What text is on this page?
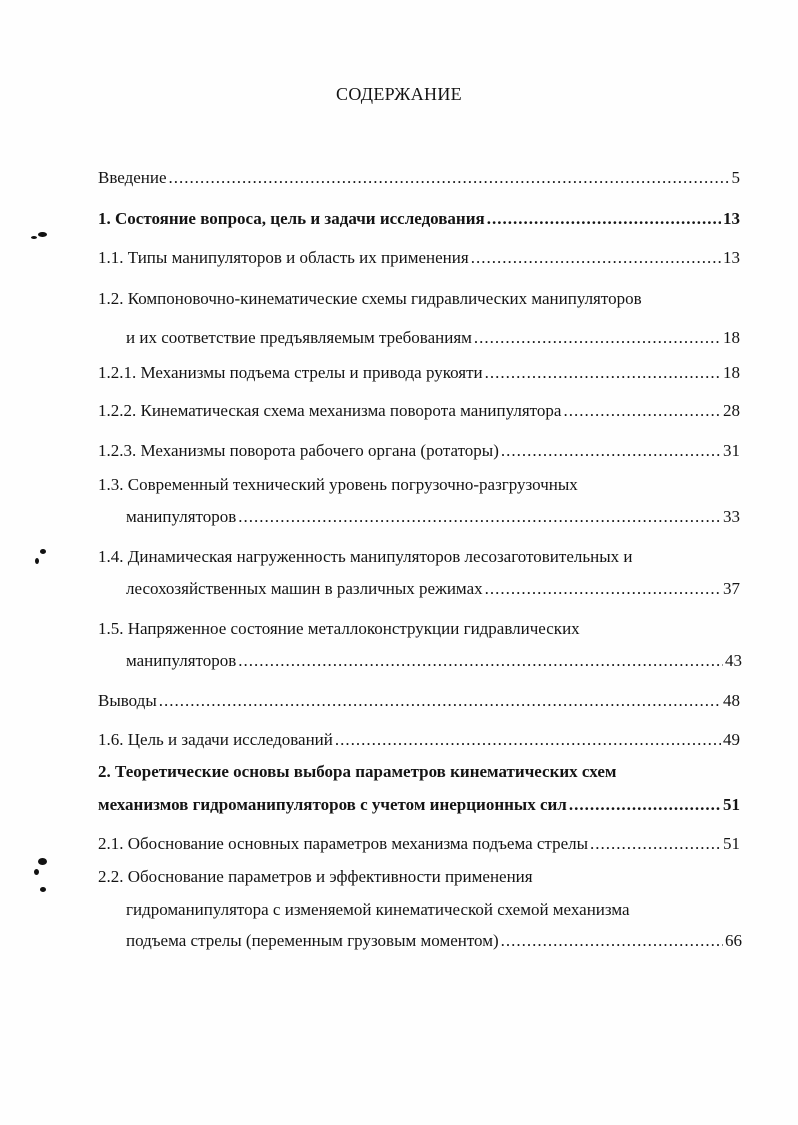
СОДЕРЖАНИЕ
Введение .....	5
1. Состояние вопроса, цель и задачи исследования .....	13
1.1. Типы манипуляторов и область их применения .....	13
1.2. Компоновочно-кинематические схемы гидравлических манипуляторов
и их соответствие предъявляемым требованиям .....	18
1.2.1. Механизмы подъема стрелы и привода рукояти .....	18
1.2.2. Кинематическая схема механизма поворота манипулятора .....	28
1.2.3. Механизмы поворота рабочего органа (ротаторы) .....	31
1.3. Современный технический уровень погрузочно-разгрузочных
манипуляторов .....	33
1.4. Динамическая нагруженность манипуляторов лесозаготовительных и
лесохозяйственных машин в различных режимах .....	37
1.5. Напряженное состояние металлоконструкции гидравлических
манипуляторов .....	43
Выводы .....	48
1.6. Цель и задачи исследований .....	49
2. Теоретические основы выбора параметров кинематических схем
механизмов гидроманипуляторов с учетом инерционных сил .....	51
2.1. Обоснование основных параметров механизма подъема стрелы .....	51
2.2. Обоснование параметров и эффективности применения
гидроманипулятора с изменяемой кинематической схемой механизма
подъема стрелы (переменным грузовым моментом) .....	66
